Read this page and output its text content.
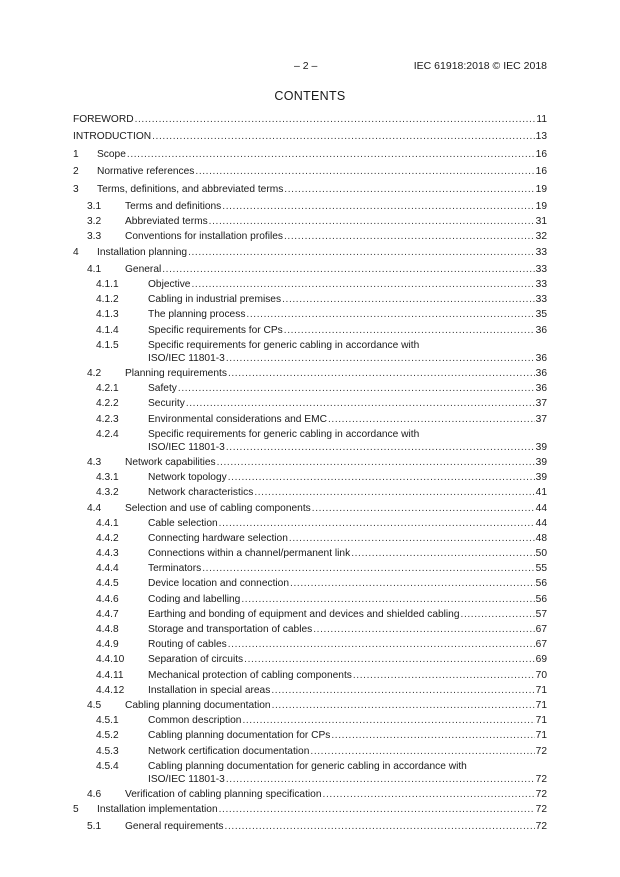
– 2 –	IEC 61918:2018 © IEC 2018
CONTENTS
FOREWORD .....	11
INTRODUCTION .....	13
1 Scope .....	16
2 Normative references .....	16
3 Terms, definitions, and abbreviated terms .....	19
3.1 Terms and definitions .....	19
3.2 Abbreviated terms .....	31
3.3 Conventions for installation profiles .....	32
4 Installation planning .....	33
4.1 General .....	33
4.1.1	Objective .....	33
4.1.2	Cabling in industrial premises .....	33
4.1.3	The planning process .....	35
4.1.4	Specific requirements for CPs .....	36
4.1.5	Specific requirements for generic cabling in accordance with
ISO/IEC 11801-3 .....	36
4.2 Planning requirements .....	36
4.2.1	Safety .....	36
4.2.2	Security .....	37
4.2.3	Environmental considerations and EMC .....	37
4.2.4	Specific requirements for generic cabling in accordance with
ISO/IEC 11801-3 .....	39
4.3 Network capabilities .....	39
4.3.1	Network topology .....	39
4.3.2	Network characteristics .....	41
4.4 Selection and use of cabling components .....	44
4.4.1	Cable selection .....	44
4.4.2	Connecting hardware selection .....	48
4.4.3	Connections within a channel/permanent link .....	50
4.4.4	Terminators .....	55
4.4.5	Device location and connection .....	56
4.4.6	Coding and labelling .....	56
4.4.7	Earthing and bonding of equipment and devices and shielded cabling .....	57
4.4.8	Storage and transportation of cables .....	67
4.4.9	Routing of cables .....	67
4.4.10 Separation of circuits .....	69
4.4.11 Mechanical protection of cabling components .....	70
4.4.12 Installation in special areas .....	71
4.5 Cabling planning documentation .....	71
4.5.1	Common description .....	71
4.5.2	Cabling planning documentation for CPs .....	71
4.5.3	Network certification documentation .....	72
4.5.4	Cabling planning documentation for generic cabling in accordance with
ISO/IEC 11801-3 .....	72
4.6 Verification of cabling planning specification .....	72
5 Installation implementation .....	72
5.1 General requirements .....	72
